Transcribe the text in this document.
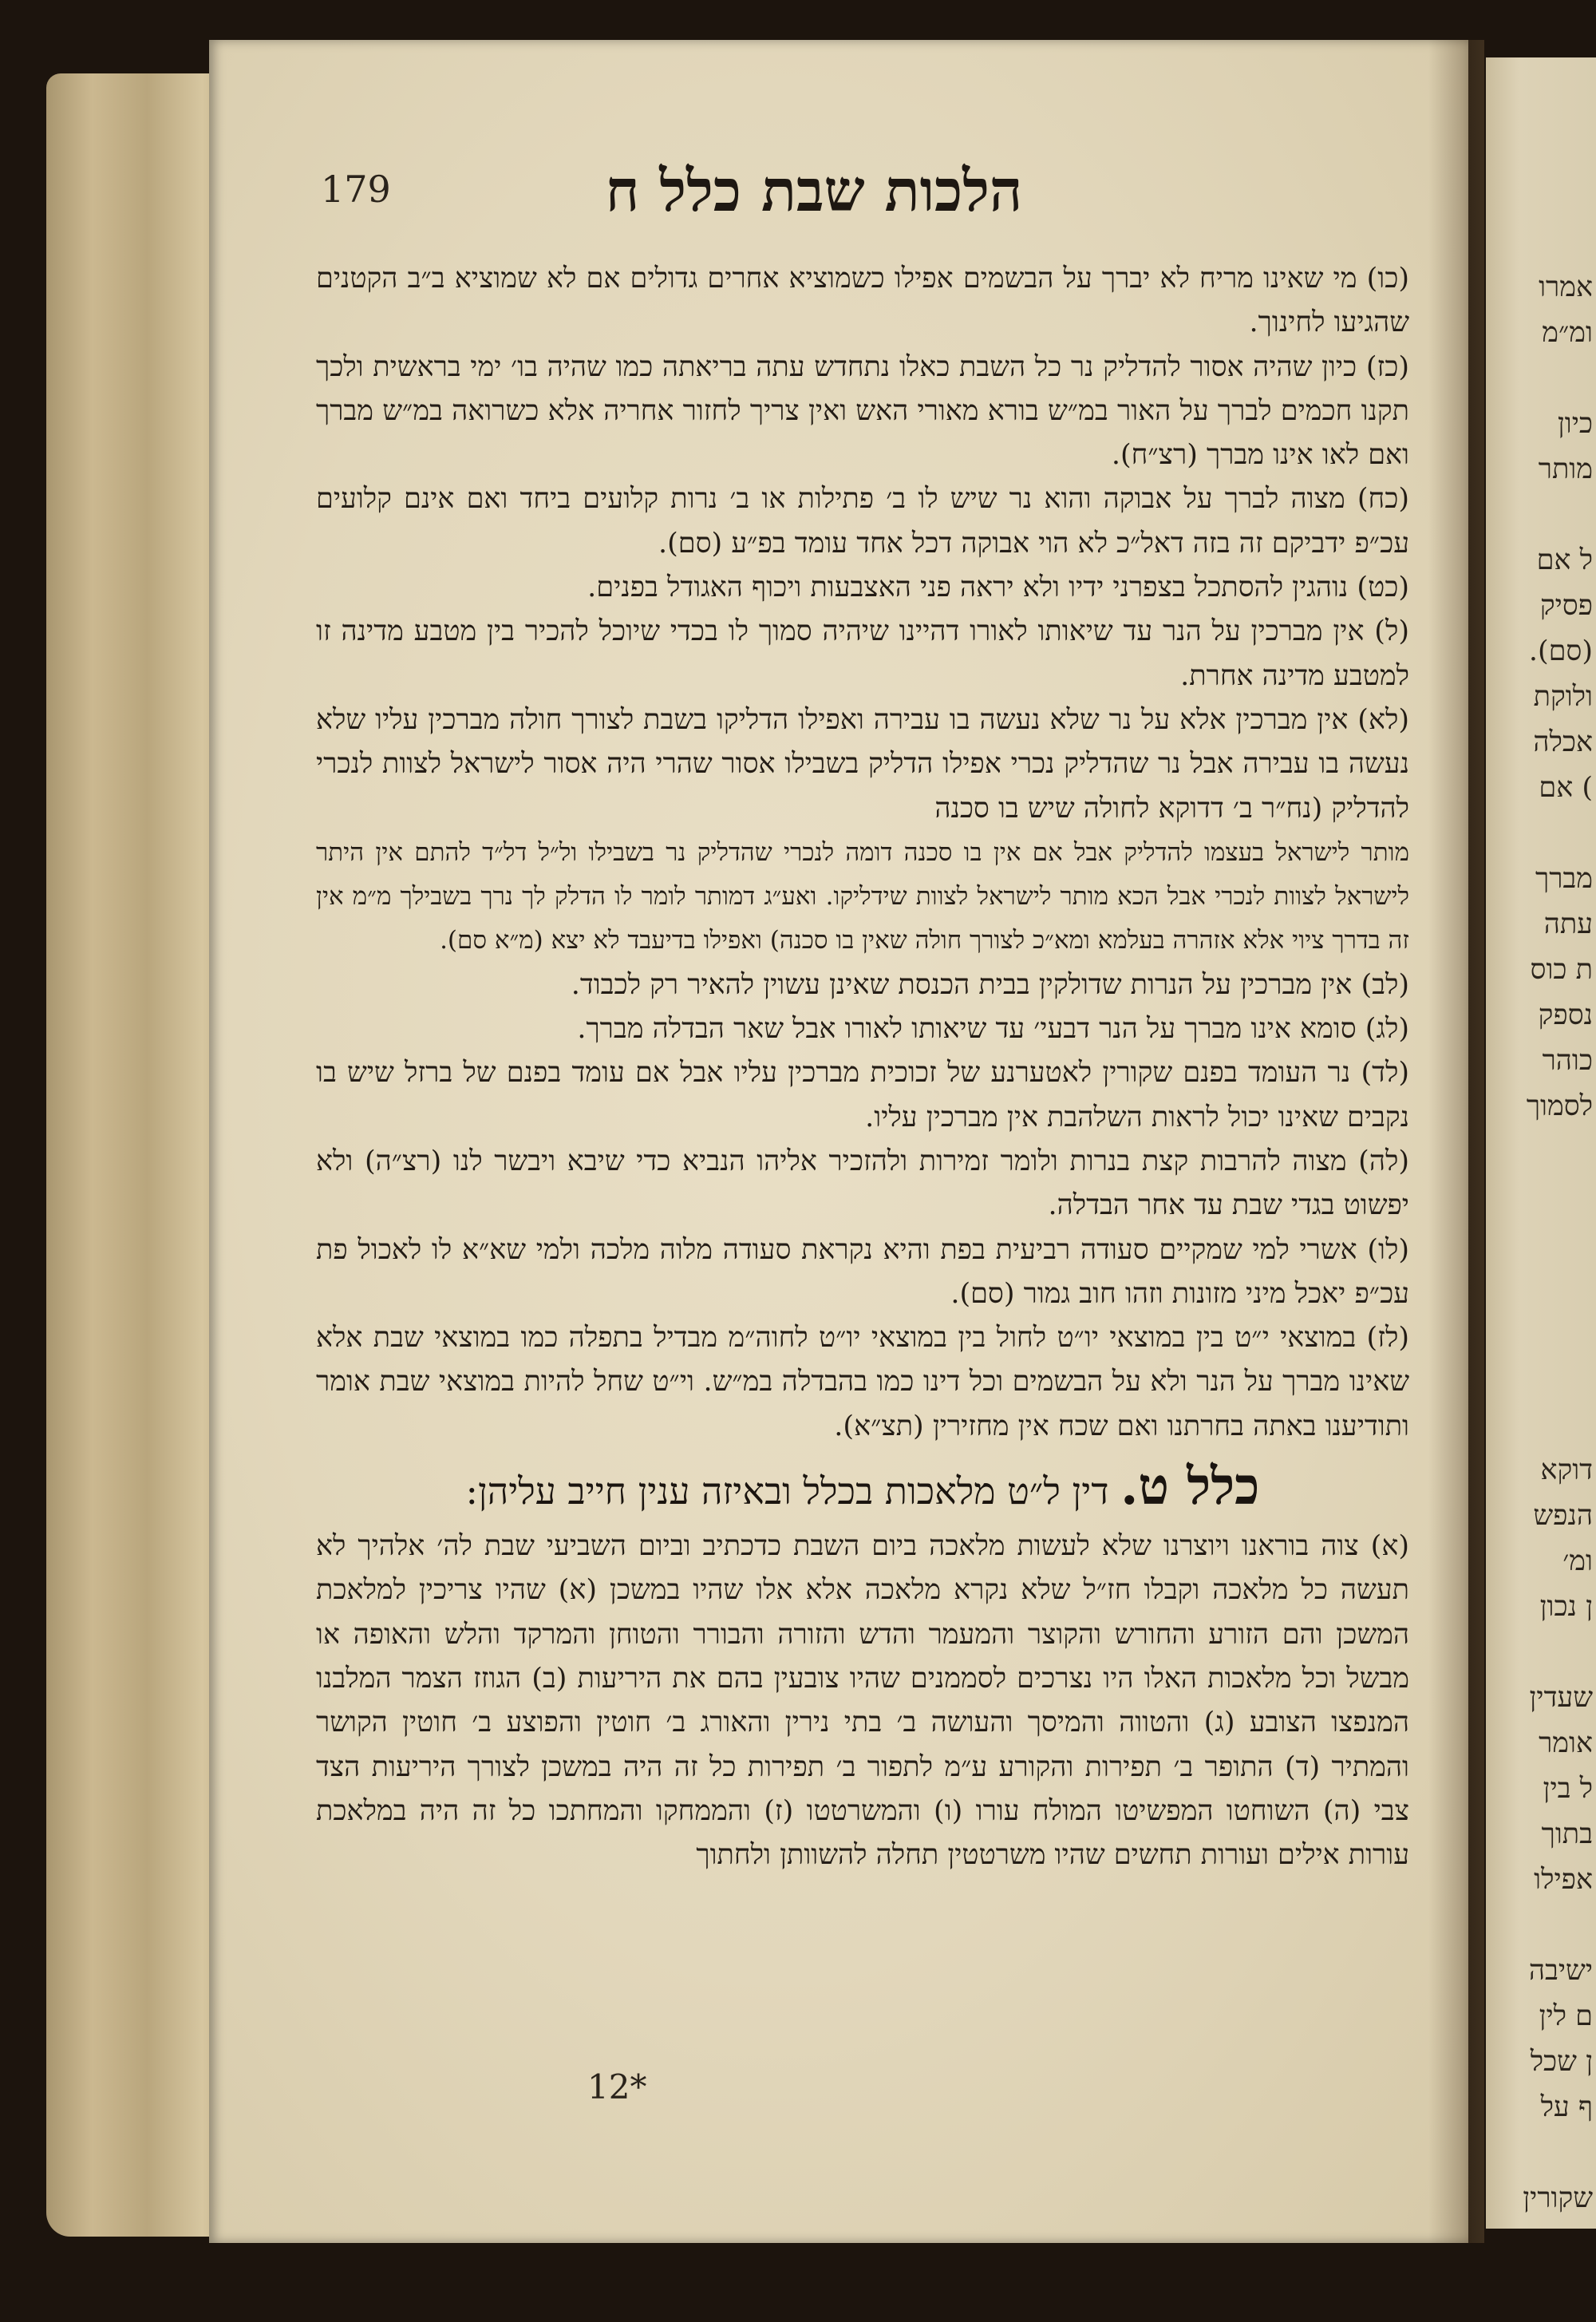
179	הלכות שבת כלל ח

(כו) מי שאינו מריח לא יברך על הבשמים אפילו כשמוציא אחרים גדולים אם לא שמוציא ב״ב הקטנים שהגיעו לחינוך.

(כז) כיון שהיה אסור להדליק נר כל השבת כאלו נתחדש עתה בריאתה כמו שהיה בו׳ ימי בראשית ולכך תקנו חכמים לברך על האור במ״ש בורא מאורי האש ואין צריך לחזור אחריה אלא כשרואה במ״ש מברך ואם לאו אינו מברך (רצ״ח).

(כח) מצוה לברך על אבוקה והוא נר שיש לו ב׳ פתילות או ב׳ נרות קלועים ביחד ואם אינם קלועים עכ״פ ידביקם זה בזה דאל״כ לא הוי אבוקה דכל אחד עומד בפ״ע (סם).

(כט) נוהגין להסתכל בצפרני ידיו ולא יראה פני האצבעות ויכוף האגודל בפנים.

(ל) אין מברכין על הנר עד שיאותו לאורו דהיינו שיהיה סמוך לו בכדי שיוכל להכיר בין מטבע מדינה זו למטבע מדינה אחרת.

(לא) אין מברכין אלא על נר שלא נעשה בו עבירה ואפילו הדליקו בשבת לצורך חולה מברכין עליו שלא נעשה בו עבירה אבל נר שהדליק נכרי אפילו הדליק בשבילו אסור שהרי היה אסור לישראל לצוות לנכרי להדליק (נח״ר ב׳ דדוקא לחולה שיש בו סכנה

מותר לישראל בעצמו להדליק אבל אם אין בו סכנה דומה לנכרי שהדליק נר בשבילו ול״ל דל״ד להתם אין היתר לישראל לצוות לנכרי אבל הכא מותר לישראל לצוות שידליקו. ואע״ג דמותר לומר לו הדלק לך נרך בשבילך מ״מ אין זה בדרך ציוי אלא אזהרה בעלמא ומא״כ לצורך חולה שאין בו סכנה) ואפילו בדיעבד לא יצא (מ״א סם).

(לב) אין מברכין על הנרות שדולקין בבית הכנסת שאינן עשוין להאיר רק לכבוד.

(לג) סומא אינו מברך על הנר דבעי׳ עד שיאותו לאורו אבל שאר הבדלה מברך.

(לד) נר העומד בפנם שקורין לאטערנע של זכוכית מברכין עליו אבל אם עומד בפנם של ברזל שיש בו נקבים שאינו יכול לראות השלהבת אין מברכין עליו.

(לה) מצוה להרבות קצת בנרות ולומר זמירות ולהזכיר אליהו הנביא כדי שיבא ויבשר לנו (רצ״ה) ולא יפשוט בגדי שבת עד אחר הבדלה.

(לו) אשרי למי שמקיים סעודה רביעית בפת והיא נקראת סעודה מלוה מלכה ולמי שא״א לו לאכול פת עכ״פ יאכל מיני מזונות וזהו חוב גמור (סם).

(לז) במוצאי י״ט בין במוצאי יו״ט לחול בין במוצאי יו״ט לחוה״מ מבדיל בתפלה כמו במוצאי שבת אלא שאינו מברך על הנר ולא על הבשמים וכל דינו כמו בהבדלה במ״ש. וי״ט שחל להיות במוצאי שבת אומר ותודיענו באתה בחרתנו ואם שכח אין מחזירין (תצ״א).

כלל ט. דין ל״ט מלאכות בכלל ובאיזה ענין חייב עליהן:

(א) צוה בוראנו ויוצרנו שלא לעשות מלאכה ביום השבת כדכתיב וביום השביעי שבת לה׳ אלהיך לא תעשה כל מלאכה וקבלו חז״ל שלא נקרא מלאכה אלא אלו שהיו במשכן (א) שהיו צריכין למלאכת המשכן והם הזורע והחורש והקוצר והמעמר והדש והזורה והבורר והטוחן והמרקד והלש והאופה או מבשל וכל מלאכות האלו היו נצרכים לסממנים שהיו צובעין בהם את היריעות (ב) הגוזז הצמר המלבנו המנפצו הצובע (ג) והטווה והמיסך והעושה ב׳ בתי נירין והאורג ב׳ חוטין והפוצע ב׳ חוטין הקושר והמתיר (ד) התופר ב׳ תפירות והקורע ע״מ לתפור ב׳ תפירות כל זה היה במשכן לצורך היריעות הצד צבי (ה) השוחטו המפשיטו המולח עורו (ו) והמשרטטו (ז) והממחקו והמחתכו כל זה היה במלאכת עורות אילים ועורות תחשים שהיו משרטטין תחלה להשוותן ולחתוך

12*
אמרו
ומ״מ
כיון
מותר
ל אם
פסיק
(סם).
ולוקת
אכלה
) אם
מברך
עתה
ת כוס
נספק
כוהר
לסמוך
דוקא
הנפש
ומ׳
ן נכון
שעדין
אומר
ל בין
בתוך
אפילו
ישיבה
ם לין
ן שכל
ף על
שקורין
